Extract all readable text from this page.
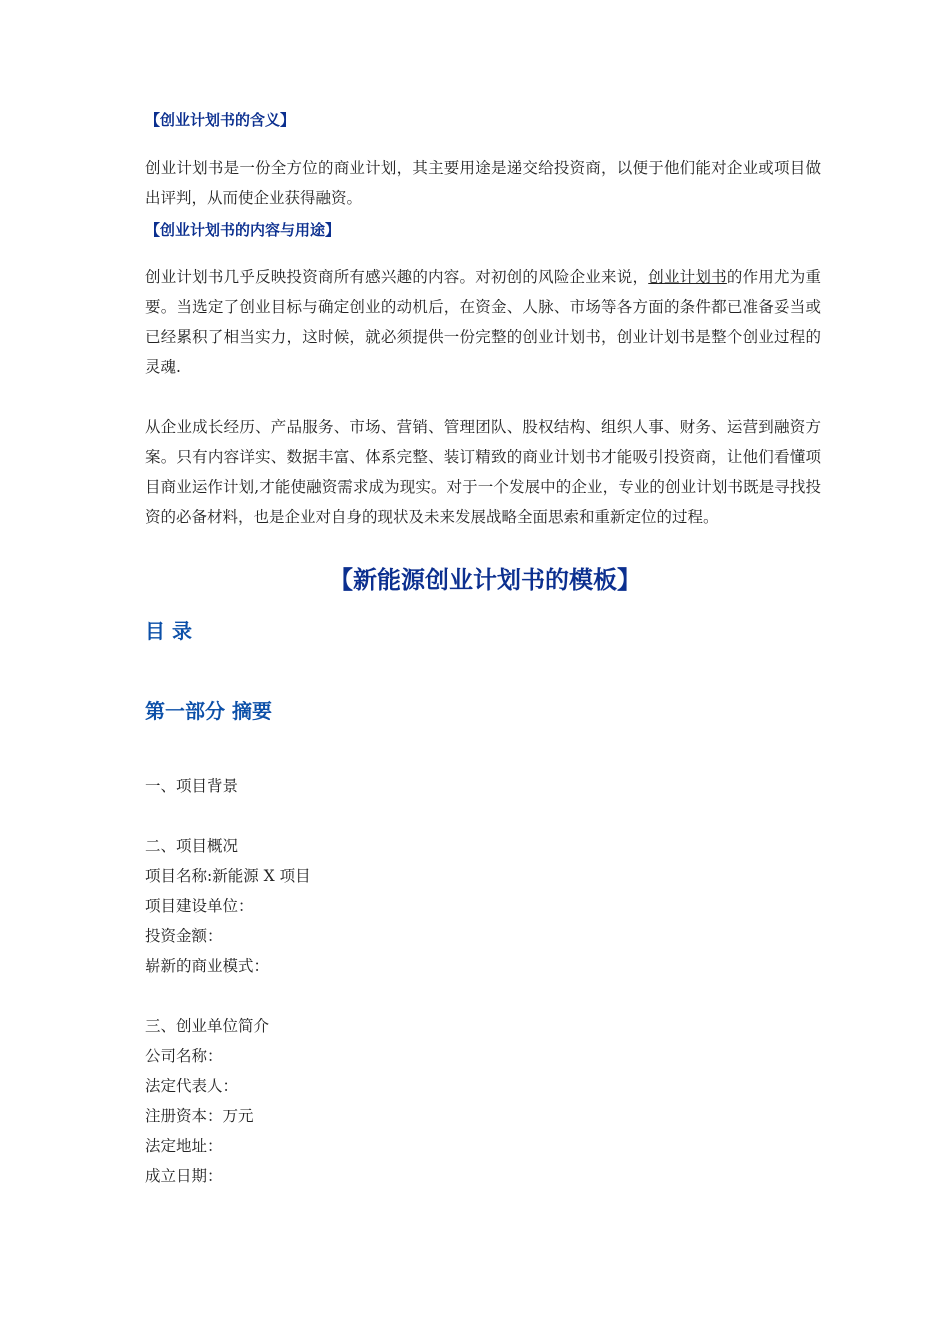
【创业计划书的含义】
创业计划书是一份全方位的商业计划，其主要用途是递交给投资商，以便于他们能对企业或项目做出评判，从而使企业获得融资。
【创业计划书的内容与用途】
创业计划书几乎反映投资商所有感兴趣的内容。对初创的风险企业来说，创业计划书的作用尤为重要。当选定了创业目标与确定创业的动机后，在资金、人脉、市场等各方面的条件都已准备妥当或已经累积了相当实力，这时候，就必须提供一份完整的创业计划书，创业计划书是整个创业过程的灵魂.
从企业成长经历、产品服务、市场、营销、管理团队、股权结构、组织人事、财务、运营到融资方案。只有内容详实、数据丰富、体系完整、装订精致的商业计划书才能吸引投资商，让他们看懂项目商业运作计划,才能使融资需求成为现实。对于一个发展中的企业，专业的创业计划书既是寻找投资的必备材料，也是企业对自身的现状及未来发展战略全面思索和重新定位的过程。
【新能源创业计划书的模板】
目 录
第一部分 摘要
一、项目背景
二、项目概况
项目名称:新能源 X 项目
项目建设单位：
投资金额：
崭新的商业模式：
三、创业单位简介
公司名称：
法定代表人：
注册资本：万元
法定地址：
成立日期：
